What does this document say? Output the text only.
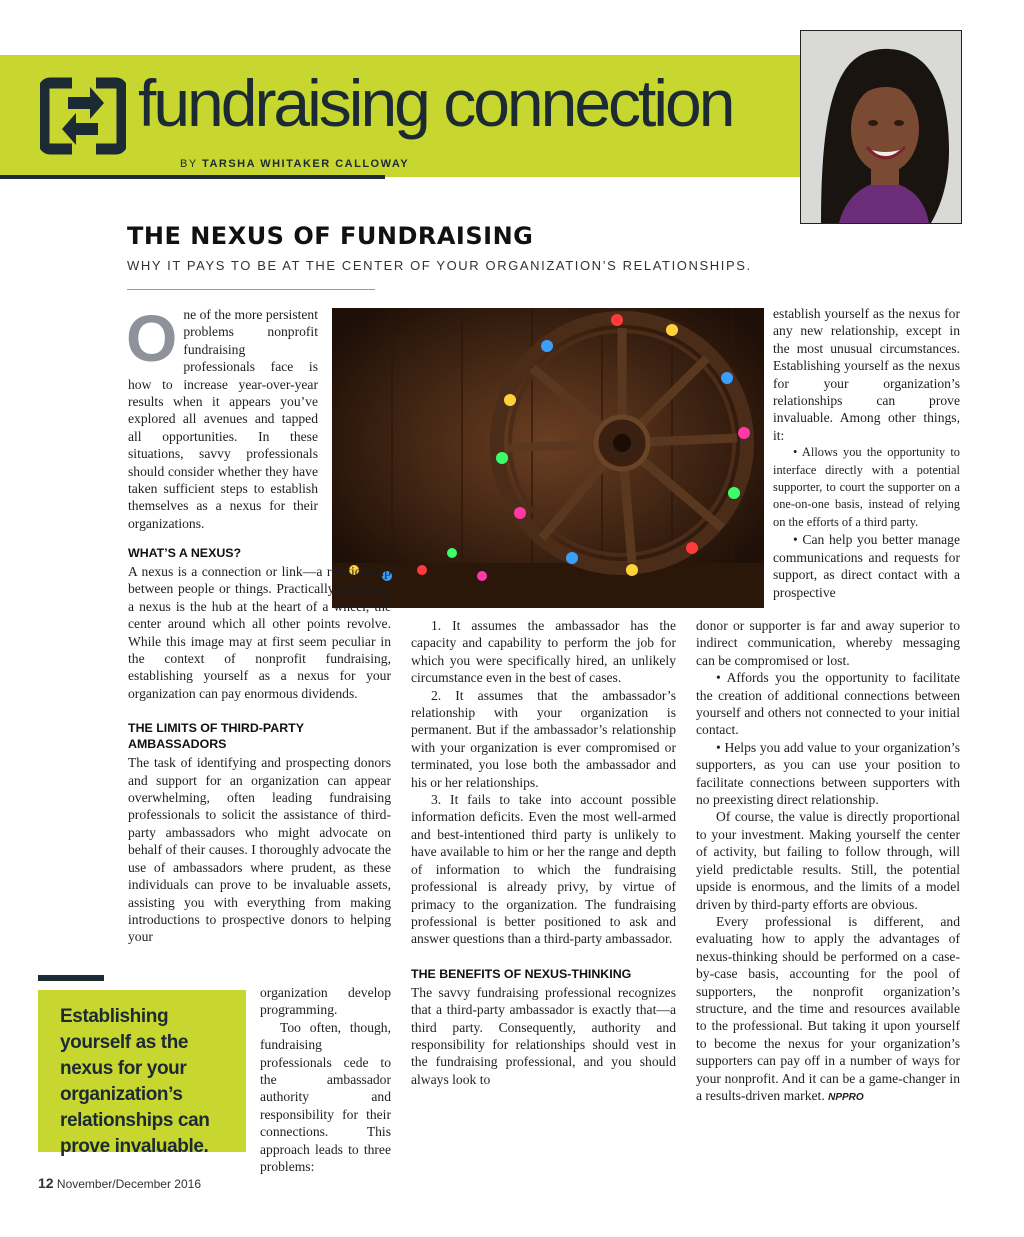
fundraising connection
BY TARSHA WHITAKER CALLOWAY
THE NEXUS OF FUNDRAISING
WHY IT PAYS TO BE AT THE CENTER OF YOUR ORGANIZATION’S RELATIONSHIPS.

One of the more persistent problems nonprofit fundraising professionals face is how to increase year-over-year results when it appears you’ve explored all avenues and tapped all opportunities. In these situations, savvy professionals should consider whether they have taken sufficient steps to establish themselves as a nexus for their organizations.

WHAT’S A NEXUS?

A nexus is a connection or link—a relationship between people or things. Practically speaking, a nexus is the hub at the heart of a wheel, the center around which all other points revolve. While this image may at first seem peculiar in the context of nonprofit fundraising, establishing yourself as a nexus for your organization can pay enormous dividends.

THE LIMITS OF THIRD-PARTY AMBASSADORS

The task of identifying and prospecting donors and support for an organization can appear overwhelming, often leading fundraising professionals to solicit the assistance of third-party ambassadors who might advocate on behalf of their causes. I thoroughly advocate the use of ambassadors where prudent, as these individuals can prove to be invaluable assets, assisting you with everything from making introductions to prospective donors to helping your

Establishing yourself as the nexus for your organization’s relationships can prove invaluable.

organization develop programming.

Too often, though, fundraising professionals cede to the ambassador authority and responsibility for their connections. This approach leads to three problems:

1. It assumes the ambassador has the capacity and capability to perform the job for which you were specifically hired, an unlikely circumstance even in the best of cases.

2. It assumes that the ambassador’s relationship with your organization is permanent. But if the ambassador’s relationship with your organization is ever compromised or terminated, you lose both the ambassador and his or her relationships.

3. It fails to take into account possible information deficits. Even the most well-armed and best-intentioned third party is unlikely to have available to him or her the range and depth of information to which the fundraising professional is already privy, by virtue of primacy to the organization. The fundraising professional is better positioned to ask and answer questions than a third-party ambassador.

THE BENEFITS OF NEXUS-THINKING

The savvy fundraising professional recognizes that a third-party ambassador is exactly that—a third party. Consequently, authority and responsibility for relationships should vest in the fundraising professional, and you should always look to

establish yourself as the nexus for any new relationship, except in the most unusual circumstances. Establishing yourself as the nexus for your organization’s relationships can prove invaluable. Among other things, it:

• Allows you the opportunity to interface directly with a potential supporter, to court the supporter on a one-on-one basis, instead of relying on the efforts of a third party.

• Can help you better manage communications and requests for support, as direct contact with a prospective

donor or supporter is far and away superior to indirect communication, whereby messaging can be compromised or lost.

• Affords you the opportunity to facilitate the creation of additional connections between yourself and others not connected to your initial contact.

• Helps you add value to your organization’s supporters, as you can use your position to facilitate connections between supporters with no preexisting direct relationship.

Of course, the value is directly proportional to your investment. Making yourself the center of activity, but failing to follow through, will yield predictable results. Still, the potential upside is enormous, and the limits of a model driven by third-party efforts are obvious.

Every professional is different, and evaluating how to apply the advantages of nexus-thinking should be performed on a case-by-case basis, accounting for the pool of supporters, the nonprofit organization’s structure, and the time and resources available to the professional. But taking it upon yourself to become the nexus for your organization’s supporters can pay off in a number of ways for your nonprofit. And it can be a game-changer in a results-driven market. NPPRO

12 November/December 2016
